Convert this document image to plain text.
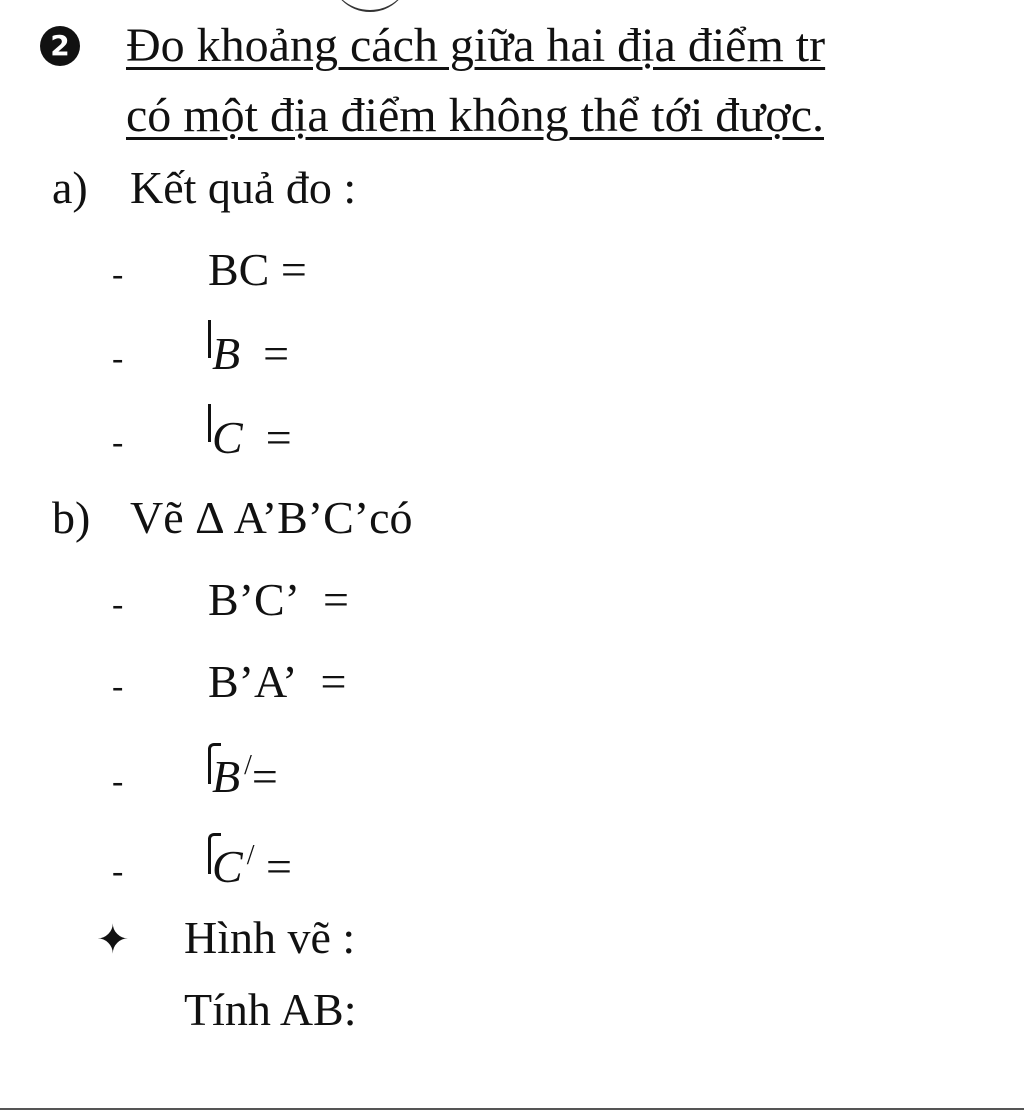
2 Đo khoảng cách giữa hai địa điểm tr
có một địa điểm không thể tới được.
a) Kết quả đo :
- BC =
- B =
- C =
b) Vẽ Δ A’B’C’có
- B’C’ =
- B’A’ =
- B /=
- C / =
✦ Hình vẽ :
Tính AB:
